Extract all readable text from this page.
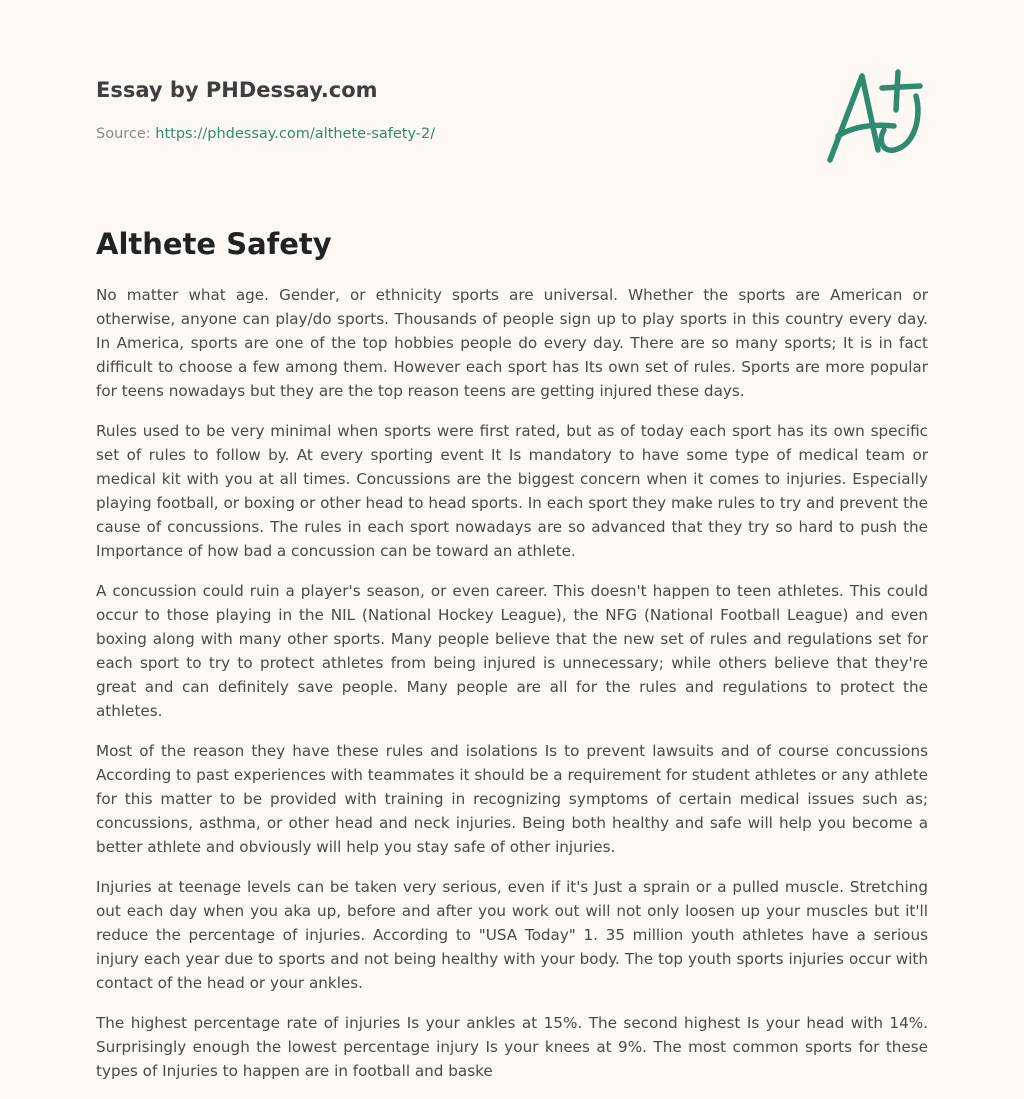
Essay by PHDessay.com
Source: https://phdessay.com/althete-safety-2/
Althete Safety

No matter what age. Gender, or ethnicity sports are universal. Whether the sports are American or otherwise, anyone can play/do sports. Thousands of people sign up to play sports in this country every day. In America, sports are one of the top hobbies people do every day. There are so many sports; It is in fact difficult to choose a few among them. However each sport has Its own set of rules. Sports are more popular for teens nowadays but they are the top reason teens are getting injured these days.

Rules used to be very minimal when sports were first rated, but as of today each sport has its own specific set of rules to follow by. At every sporting event It Is mandatory to have some type of medical team or medical kit with you at all times. Concussions are the biggest concern when it comes to injuries. Especially playing football, or boxing or other head to head sports. In each sport they make rules to try and prevent the cause of concussions. The rules in each sport nowadays are so advanced that they try so hard to push the Importance of how bad a concussion can be toward an athlete.

A concussion could ruin a player's season, or even career. This doesn't happen to teen athletes. This could occur to those playing in the NIL (National Hockey League), the NFG (National Football League) and even boxing along with many other sports. Many people believe that the new set of rules and regulations set for each sport to try to protect athletes from being injured is unnecessary; while others believe that they're great and can definitely save people. Many people are all for the rules and regulations to protect the athletes.

Most of the reason they have these rules and isolations Is to prevent lawsuits and of course concussions According to past experiences with teammates it should be a requirement for student athletes or any athlete for this matter to be provided with training in recognizing symptoms of certain medical issues such as; concussions, asthma, or other head and neck injuries. Being both healthy and safe will help you become a better athlete and obviously will help you stay safe of other injuries.

Injuries at teenage levels can be taken very serious, even if it's Just a sprain or a pulled muscle. Stretching out each day when you aka up, before and after you work out will not only loosen up your muscles but it'll reduce the percentage of injuries. According to "USA Today" 1. 35 million youth athletes have a serious injury each year due to sports and not being healthy with your body. The top youth sports injuries occur with contact of the head or your ankles.

The highest percentage rate of injuries Is your ankles at 15%. The second highest Is your head with 14%. Surprisingly enough the lowest percentage injury Is your knees at 9%. The most common sports for these types of Injuries to happen are in football and baske
